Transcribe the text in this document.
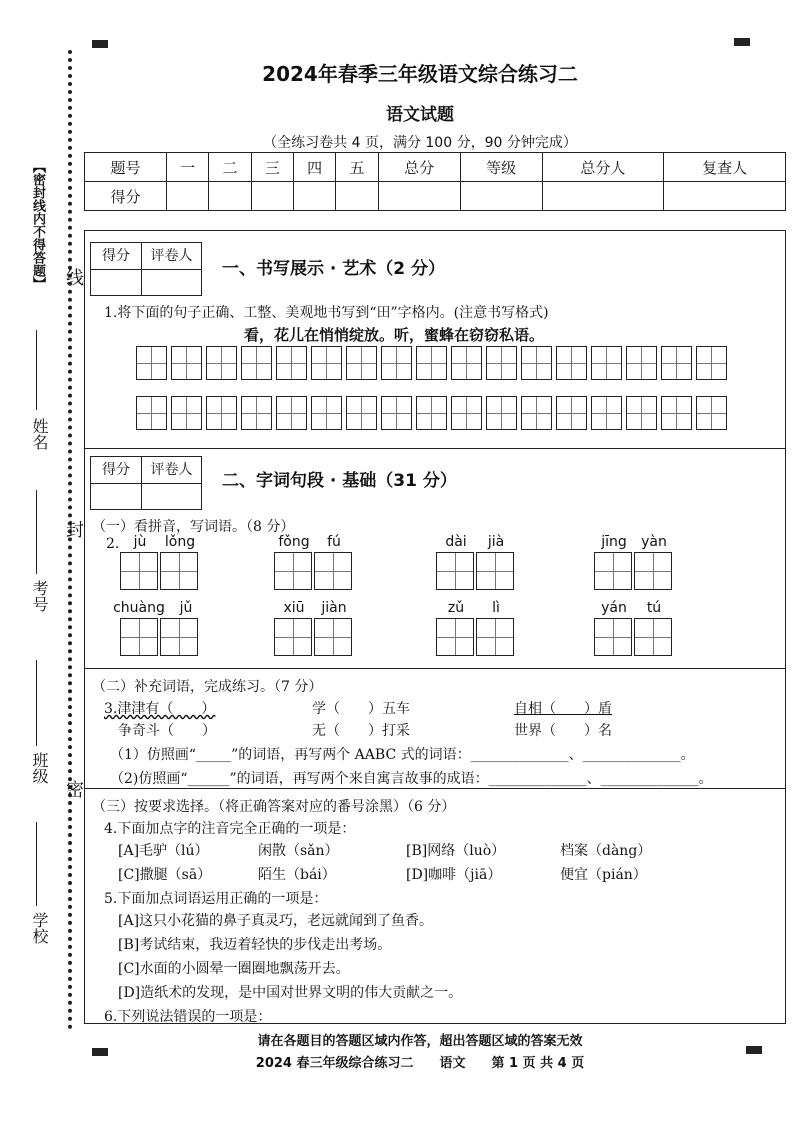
【密封线内不得答题】 线
封
密
姓名
考号
班级
学校
2024年春季三年级语文综合练习二
语文试题
（全练习卷共 4 页，满分 100 分，90 分钟完成）
题号	一	二	三	四	五	总分	等级	总分人	复查人
得分									
得分	评卷人
一、书写展示 · 艺术（2 分）
1.将下面的句子正确、工整、美观地书写到“田”字格内。(注意书写格式)
看，花儿在悄悄绽放。听，蜜蜂在窃窃私语。
得分	评卷人
二、字词句段 · 基础（31 分）
（一）看拼音，写词语。（8 分）
2.	jù lǒng	fǒng fú	dài jià	jīng yàn
chuàng jǔ	xiū jiàn	zǔ lì	yán tú
（二）补充词语，完成练习。（7 分）
3.津津有（　　）	学（　　）五车	自相（　　）盾
争奇斗（　　）	无（　　）打采	世界（　　）名
（1）仿照画“_____”的词语，再写两个 AABC 式的词语：______________、______________。
（2)仿照画“______”的词语，再写两个来自寓言故事的成语：______________、______________。
（三）按要求选择。（将正确答案对应的番号涂黑）（6 分）
4.下面加点字的注音完全正确的一项是：
[A]毛驴（lú）	闲散（sǎn）	[B]网络（luò）	档案（dàng）
[C]撒腿（sā）	陌生（bái）	[D]咖啡（jiā）	便宜（pián）
5.下面加点词语运用正确的一项是：
[A]这只小花猫的鼻子真灵巧，老远就闻到了鱼香。
[B]考试结束，我迈着轻快的步伐走出考场。
[C]水面的小圆晕一圈圈地飘荡开去。
[D]造纸术的发现，是中国对世界文明的伟大贡献之一。
6.下列说法错误的一项是：
请在各题目的答题区域内作答，超出答题区域的答案无效
2024 春三年级综合练习二　　语文　　第 1 页 共 4 页
